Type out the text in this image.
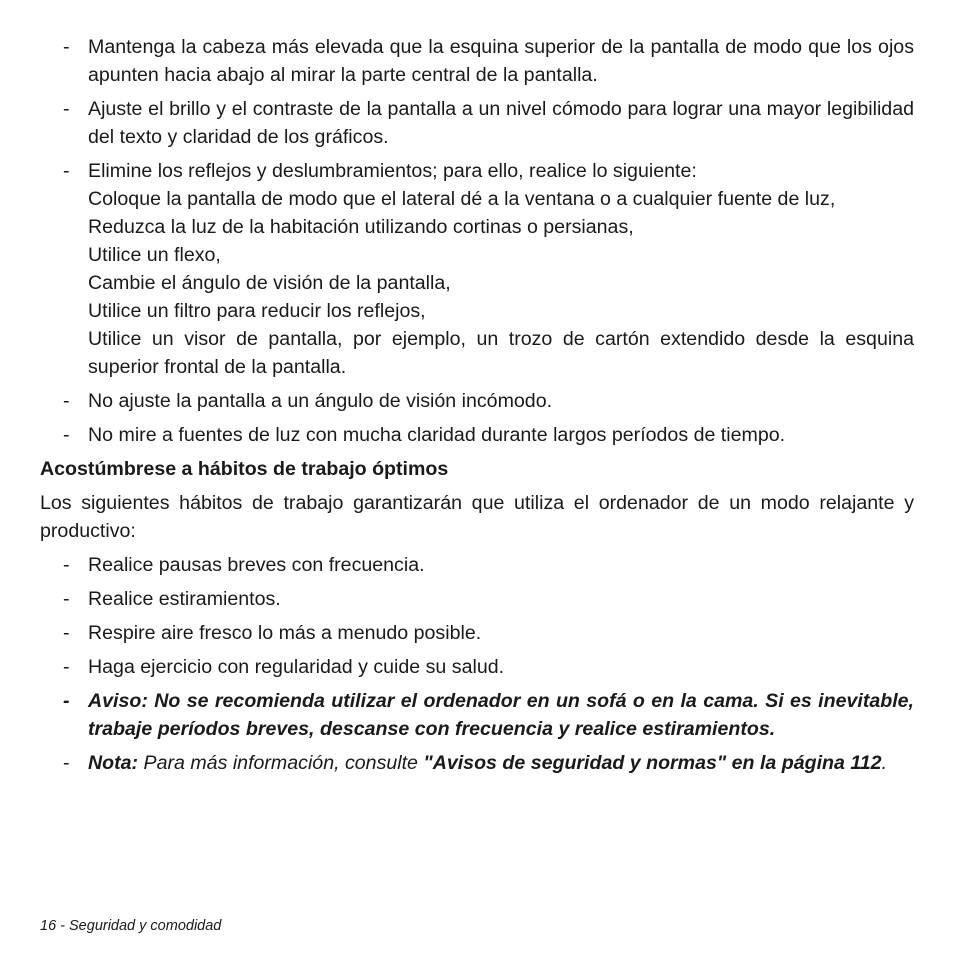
- Mantenga la cabeza más elevada que la esquina superior de la pantalla de modo que los ojos apunten hacia abajo al mirar la parte central de la pantalla.
- Ajuste el brillo y el contraste de la pantalla a un nivel cómodo para lograr una mayor legibilidad del texto y claridad de los gráficos.
- Elimine los reflejos y deslumbramientos; para ello, realice lo siguiente:
Coloque la pantalla de modo que el lateral dé a la ventana o a cualquier fuente de luz,
Reduzca la luz de la habitación utilizando cortinas o persianas,
Utilice un flexo,
Cambie el ángulo de visión de la pantalla,
Utilice un filtro para reducir los reflejos,
Utilice un visor de pantalla, por ejemplo, un trozo de cartón extendido desde la esquina superior frontal de la pantalla.
- No ajuste la pantalla a un ángulo de visión incómodo.
- No mire a fuentes de luz con mucha claridad durante largos períodos de tiempo.
Acostúmbrese a hábitos de trabajo óptimos
Los siguientes hábitos de trabajo garantizarán que utiliza el ordenador de un modo relajante y productivo:
- Realice pausas breves con frecuencia.
- Realice estiramientos.
- Respire aire fresco lo más a menudo posible.
- Haga ejercicio con regularidad y cuide su salud.
- Aviso: No se recomienda utilizar el ordenador en un sofá o en la cama. Si es inevitable, trabaje períodos breves, descanse con frecuencia y realice estiramientos.
- Nota: Para más información, consulte "Avisos de seguridad y normas" en la página 112.
16 - Seguridad y comodidad
